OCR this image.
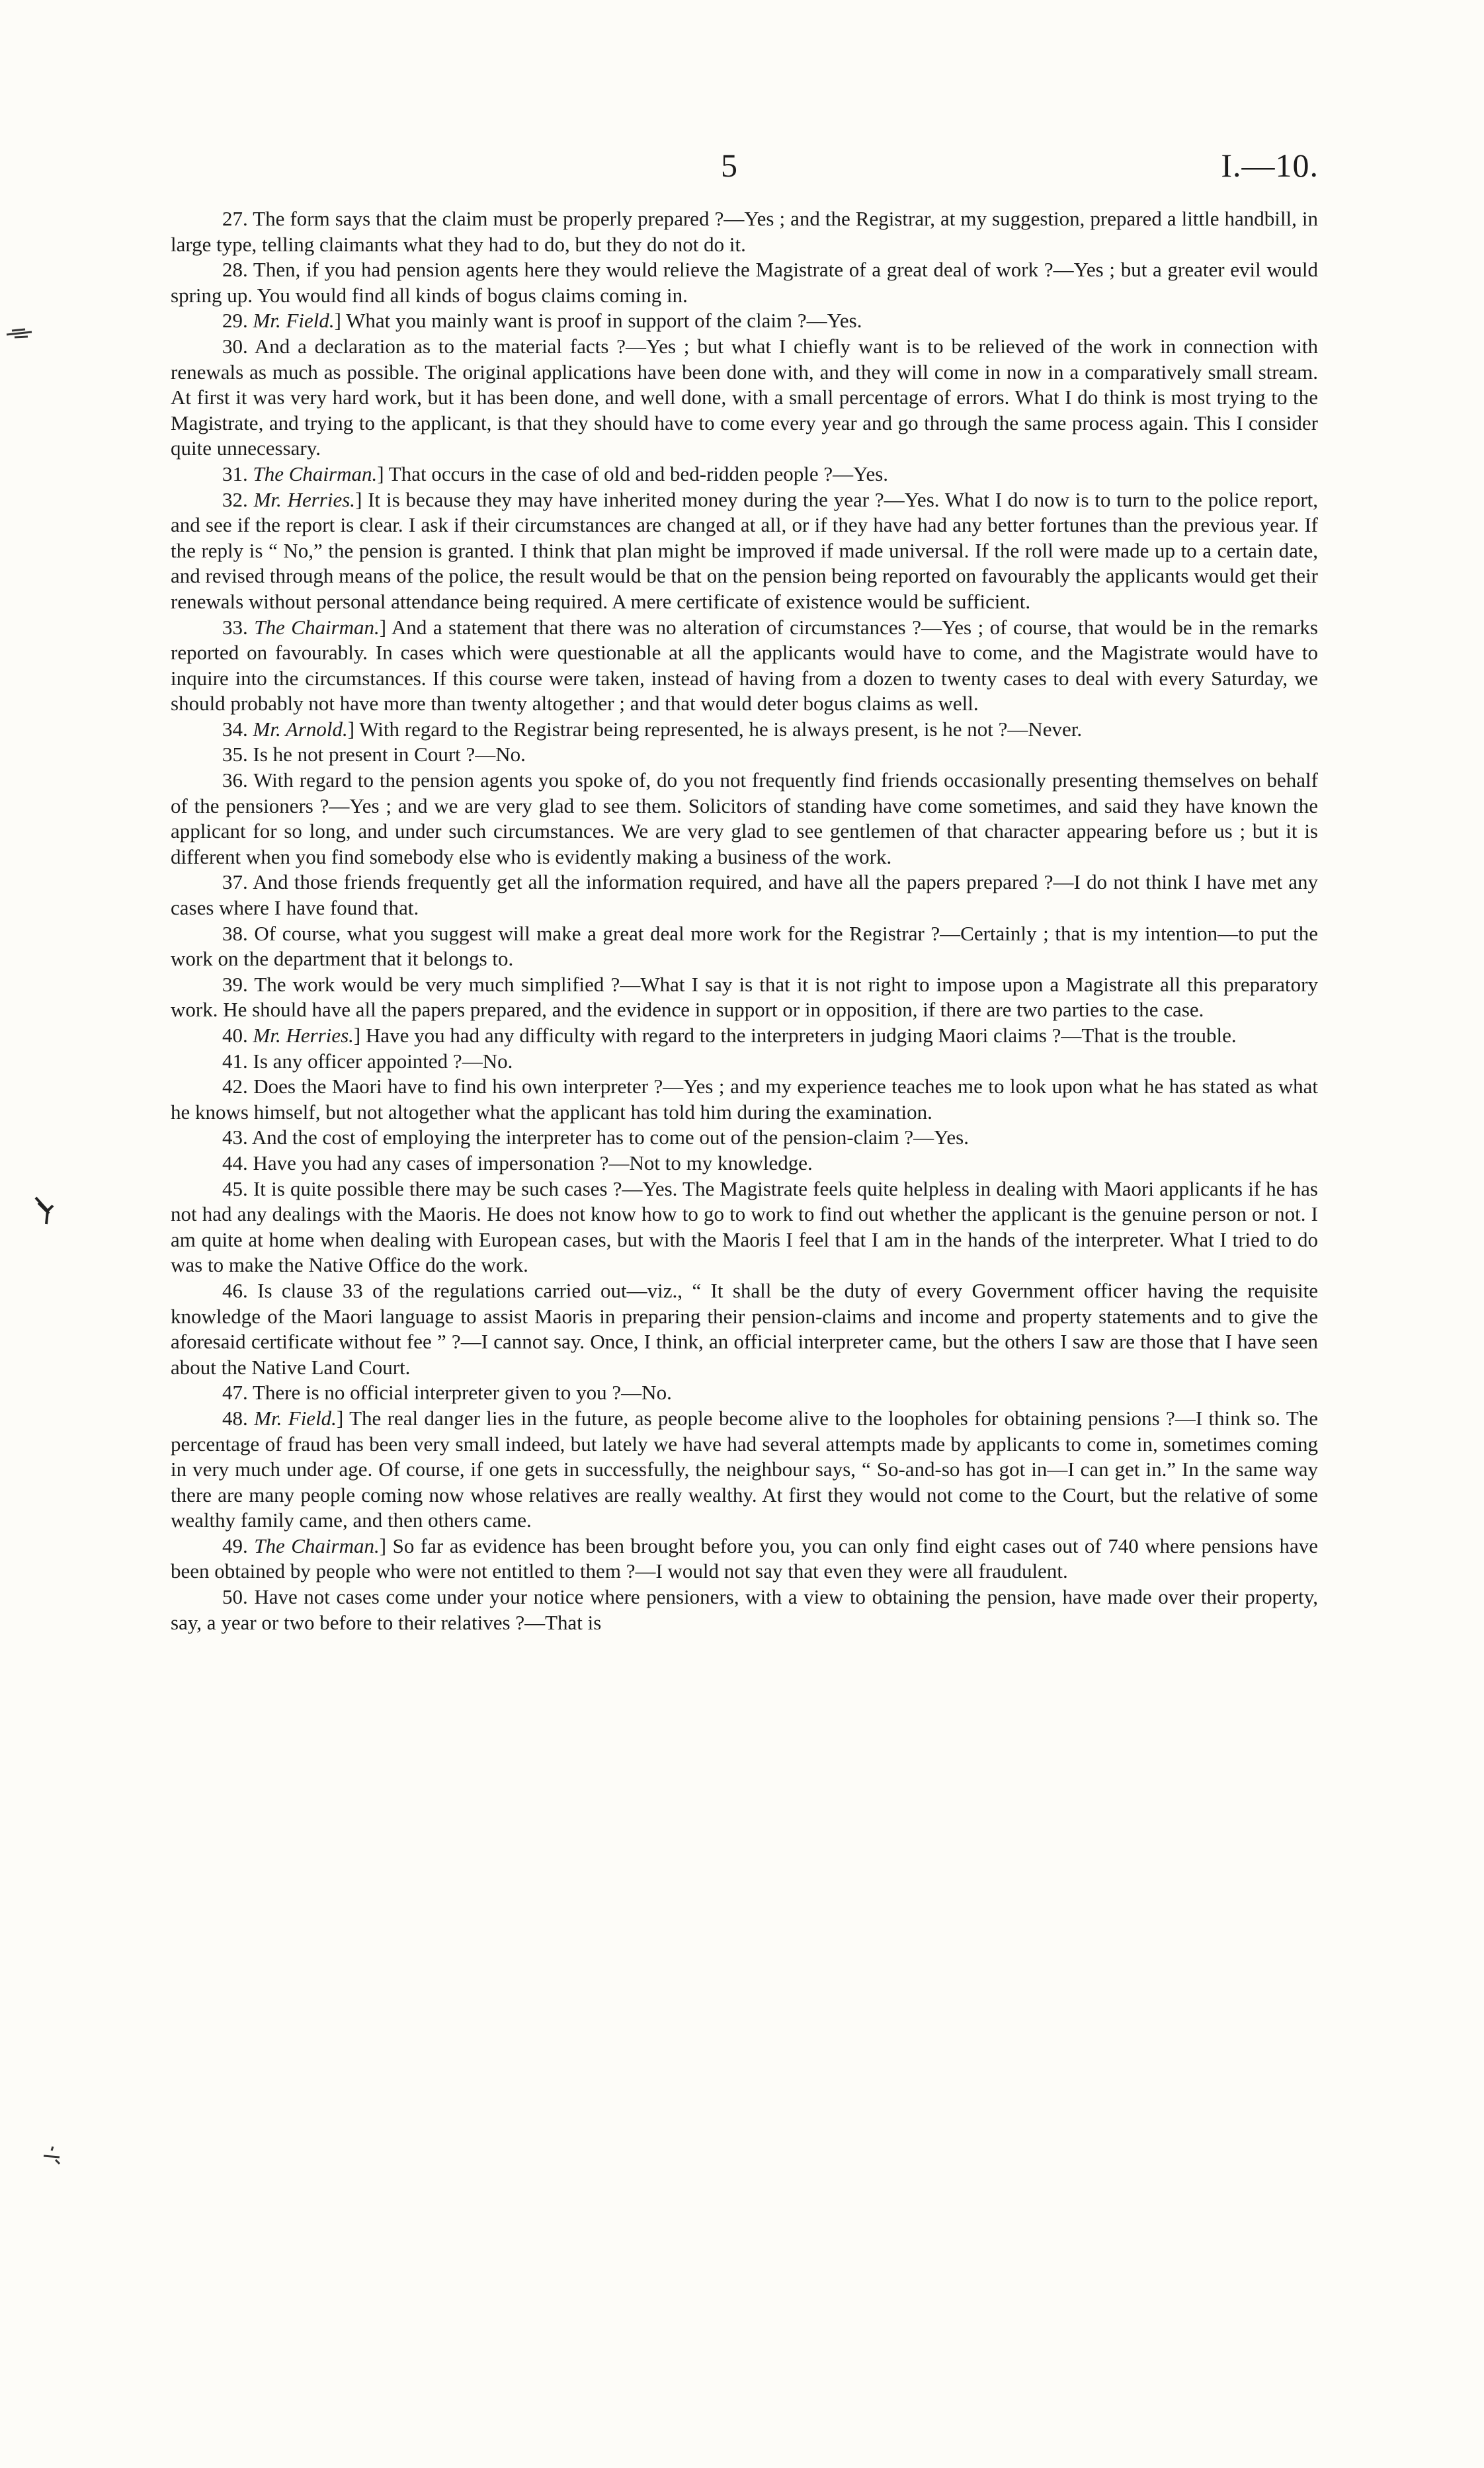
5	I.—10.

27. The form says that the claim must be properly prepared ?—Yes ; and the Registrar, at my suggestion, prepared a little handbill, in large type, telling claimants what they had to do, but they do not do it.

28. Then, if you had pension agents here they would relieve the Magistrate of a great deal of work ?—Yes ; but a greater evil would spring up. You would find all kinds of bogus claims coming in.

29. Mr. Field.] What you mainly want is proof in support of the claim ?—Yes.

30. And a declaration as to the material facts ?—Yes ; but what I chiefly want is to be relieved of the work in connection with renewals as much as possible. The original applications have been done with, and they will come in now in a comparatively small stream. At first it was very hard work, but it has been done, and well done, with a small percentage of errors. What I do think is most trying to the Magistrate, and trying to the applicant, is that they should have to come every year and go through the same process again. This I consider quite unnecessary.

31. The Chairman.] That occurs in the case of old and bed-ridden people ?—Yes.

32. Mr. Herries.] It is because they may have inherited money during the year ?—Yes. What I do now is to turn to the police report, and see if the report is clear. I ask if their circumstances are changed at all, or if they have had any better fortunes than the previous year. If the reply is “ No,” the pension is granted. I think that plan might be improved if made universal. If the roll were made up to a certain date, and revised through means of the police, the result would be that on the pension being reported on favourably the applicants would get their renewals without personal attendance being required. A mere certificate of existence would be sufficient.

33. The Chairman.] And a statement that there was no alteration of circumstances ?—Yes ; of course, that would be in the remarks reported on favourably. In cases which were questionable at all the applicants would have to come, and the Magistrate would have to inquire into the circumstances. If this course were taken, instead of having from a dozen to twenty cases to deal with every Saturday, we should probably not have more than twenty altogether ; and that would deter bogus claims as well.

34. Mr. Arnold.] With regard to the Registrar being represented, he is always present, is he not ?—Never.

35. Is he not present in Court ?—No.

36. With regard to the pension agents you spoke of, do you not frequently find friends occasionally presenting themselves on behalf of the pensioners ?—Yes ; and we are very glad to see them. Solicitors of standing have come sometimes, and said they have known the applicant for so long, and under such circumstances. We are very glad to see gentlemen of that character appearing before us ; but it is different when you find somebody else who is evidently making a business of the work.

37. And those friends frequently get all the information required, and have all the papers prepared ?—I do not think I have met any cases where I have found that.

38. Of course, what you suggest will make a great deal more work for the Registrar ?—Certainly ; that is my intention—to put the work on the department that it belongs to.

39. The work would be very much simplified ?—What I say is that it is not right to impose upon a Magistrate all this preparatory work. He should have all the papers prepared, and the evidence in support or in opposition, if there are two parties to the case.

40. Mr. Herries.] Have you had any difficulty with regard to the interpreters in judging Maori claims ?—That is the trouble.

41. Is any officer appointed ?—No.

42. Does the Maori have to find his own interpreter ?—Yes ; and my experience teaches me to look upon what he has stated as what he knows himself, but not altogether what the applicant has told him during the examination.

43. And the cost of employing the interpreter has to come out of the pension-claim ?—Yes.

44. Have you had any cases of impersonation ?—Not to my knowledge.

45. It is quite possible there may be such cases ?—Yes. The Magistrate feels quite helpless in dealing with Maori applicants if he has not had any dealings with the Maoris. He does not know how to go to work to find out whether the applicant is the genuine person or not. I am quite at home when dealing with European cases, but with the Maoris I feel that I am in the hands of the interpreter. What I tried to do was to make the Native Office do the work.

46. Is clause 33 of the regulations carried out—viz., “ It shall be the duty of every Government officer having the requisite knowledge of the Maori language to assist Maoris in preparing their pension-claims and income and property statements and to give the aforesaid certificate without fee ” ?—I cannot say. Once, I think, an official interpreter came, but the others I saw are those that I have seen about the Native Land Court.

47. There is no official interpreter given to you ?—No.

48. Mr. Field.] The real danger lies in the future, as people become alive to the loopholes for obtaining pensions ?—I think so. The percentage of fraud has been very small indeed, but lately we have had several attempts made by applicants to come in, sometimes coming in very much under age. Of course, if one gets in successfully, the neighbour says, “ So-and-so has got in—I can get in.” In the same way there are many people coming now whose relatives are really wealthy. At first they would not come to the Court, but the relative of some wealthy family came, and then others came.

49. The Chairman.] So far as evidence has been brought before you, you can only find eight cases out of 740 where pensions have been obtained by people who were not entitled to them ?—I would not say that even they were all fraudulent.

50. Have not cases come under your notice where pensioners, with a view to obtaining the pension, have made over their property, say, a year or two before to their relatives ?—That is
